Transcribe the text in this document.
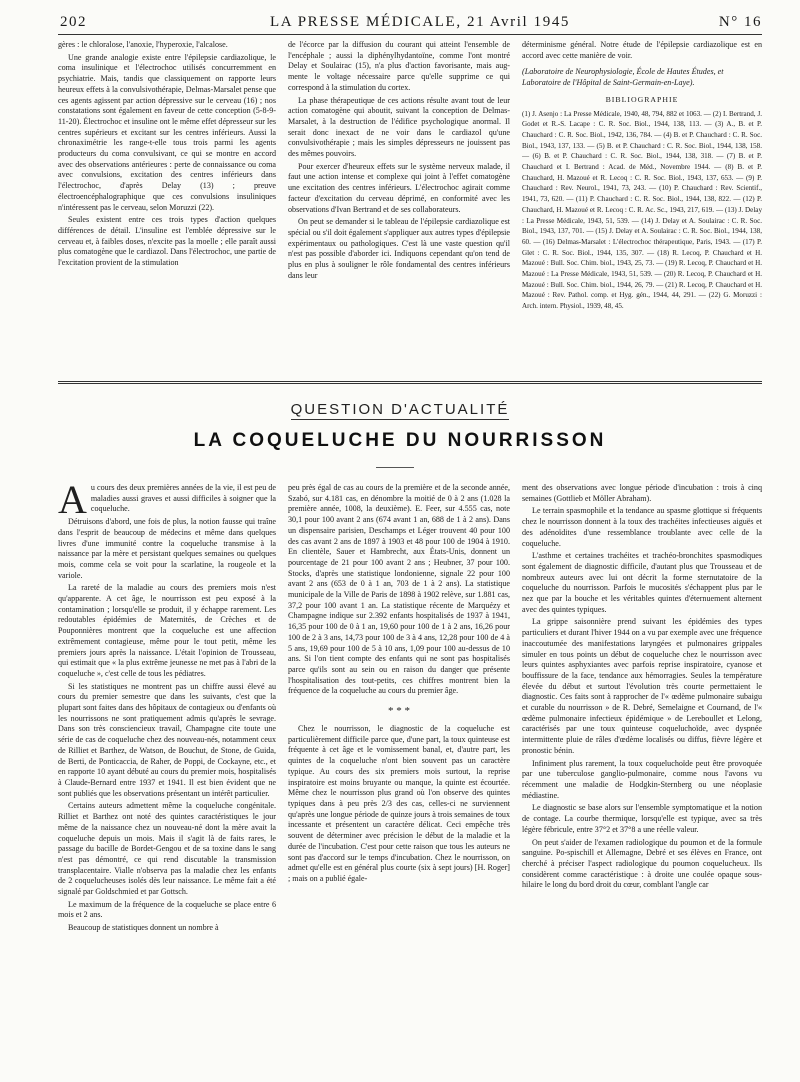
202	LA PRESSE MÉDICALE, 21 Avril 1945	N° 16

gères : le chloralose, l'anoxie, l'hyperoxie, l'alcalose.

Une grande analogie existe entre l'épilepsie cardiazolique, le coma insulinique et l'électrochoc utilisés concurremment en psychiatrie. Mais, tandis que classiquement on rapporte leurs heureux effets à la convulsivothérapie, Delmas-Marsalet pense que ces agents agissent par action dépressive sur le cerveau (16) ; nos constatations sont également en faveur de cette conception (5-8-9-11-20). Électrochoc et insuline ont le même effet dépresseur sur les centres supérieurs et excitant sur les centres inférieurs. Aussi la chronaximétrie les range-t-elle tous trois parmi les agents producteurs du coma convulsivant, ce qui se montre en accord avec des observations antérieures : perte de connaissance ou coma avec convulsions, excitation des centres inférieurs dans l'électrochoc, d'après Delay (13) ; preuve électroencéphalographique que ces convulsions insuliniques n'intéressent pas le cerveau, selon Moruzzi (22).

Seules existent entre ces trois types d'action quelques différences de détail. L'insuline est l'emblée dépressive sur le cerveau et, à faibles doses, n'excite pas la moelle ; elle paraît aussi plus comatogène que le cardiazol. Dans l'électrochoc, une partie de l'excitation provient de la stimulation

de l'écorce par la diffusion du courant qui atteint l'ensemble de l'encéphale ; aussi la diphénylhydantoïne, comme l'ont montré Delay et Soulairac (15), n'a plus d'action favorisante, mais augmente le voltage nécessaire parce qu'elle supprime ce qui correspond à la stimulation du cortex.

La phase thérapeutique de ces actions résulte avant tout de leur action comatogène qui aboutit, suivant la conception de Delmas-Marsalet, à la destruction de l'édifice psychologique anormal. Il serait donc inexact de ne voir dans le cardiazol qu'une convulsivothérapie ; mais les simples dépresseurs ne jouissent pas des mêmes pouvoirs.

Pour exercer d'heureux effets sur le système nerveux malade, il faut une action intense et complexe qui joint à l'effet comatogène une excitation des centres inférieurs. L'électrochoc agirait comme facteur d'excitation du cerveau déprimé, en conformité avec les observations d'Ivan Bertrand et de ses collaborateurs.

On peut se demander si le tableau de l'épilepsie cardiazolique est spécial ou s'il doit également s'appliquer aux autres types d'épilepsie expérimentaux ou pathologiques. C'est là une vaste question qu'il n'est pas possible d'aborder ici. Indiquons cependant qu'on tend de plus en plus à souligner le rôle fondamental des centres inférieurs dans leur

déterminisme général. Notre étude de l'épilepsie cardiazolique est en accord avec cette manière de voir.

(Laboratoire de Neurophysiologie, École de Hautes Études, et Laboratoire de l'Hôpital de Saint-Germain-en-Laye).

BIBLIOGRAPHIE
(1) J. Asenjo : La Presse Médicale, 1940, 48, 794, 882 et 1063. — (2) I. Bertrand, J. Godet et R.-S. Lacape : C. R. Soc. Biol., 1944, 138, 113. — (3) A., B. et P. Chauchard : C. R. Soc. Biol., 1942, 136, 784. — (4) B. et P. Chauchard : C. R. Soc. Biol., 1943, 137, 133. — (5) B. et P. Chauchard : C. R. Soc. Biol., 1944, 138, 158. — (6) B. et P. Chauchard : C. R. Soc. Biol., 1944, 138, 318. — (7) B. et P. Chauchard et I. Bertrand : Acad. de Méd., Novembre 1944. — (8) B. et P. Chauchard, H. Mazoué et R. Lecoq : C. R. Soc. Biol., 1943, 137, 653. — (9) P. Chauchard : Rev. Neurol., 1941, 73, 243. — (10) P. Chauchard : Rev. Scientif., 1941, 73, 620. — (11) P. Chauchard : C. R. Soc. Biol., 1944, 138, 822. — (12) P. Chauchard, H. Mazoué et R. Lecoq : C. R. Ac. Sc., 1943, 217, 619. — (13) J. Delay : La Presse Médicale, 1943, 51, 539. — (14) J. Delay et A. Soulairac : C. R. Soc. Biol., 1943, 137, 701. — (15) J. Delay et A. Soulairac : C. R. Soc. Biol., 1944, 138, 60. — (16) Delmas-Marsalet : L'électrochoc thérapeutique, Paris, 1943. — (17) P. Glet : C. R. Soc. Biol., 1944, 135, 307. — (18) R. Lecoq, P. Chauchard et H. Mazoué : Bull. Soc. Chim. biol., 1943, 25, 73. — (19) R. Lecoq, P. Chauchard et H. Mazoué : La Presse Médicale, 1943, 51, 539. — (20) R. Lecoq, P. Chauchard et H. Mazoué : Bull. Soc. Chim. biol., 1944, 26, 79. — (21) R. Lecoq, P. Chauchard et H. Mazoué : Rev. Pathol. comp. et Hyg. gén., 1944, 44, 291. — (22) G. Moruzzi : Arch. intern. Physiol., 1939, 48, 45.
QUESTION D'ACTUALITÉ
LA COQUELUCHE DU NOURRISSON

Au cours des deux premières années de la vie, il est peu de maladies aussi graves et aussi difficiles à soigner que la coqueluche.

Détruisons d'abord, une fois de plus, la notion fausse qui traîne dans l'esprit de beaucoup de médecins et même dans quelques livres d'une immunité contre la coqueluche transmise à la naissance par la mère et persistant quelques semaines ou quelques mois, comme cela se voit pour la scarlatine, la rougeole et la variole.

La rareté de la maladie au cours des premiers mois n'est qu'apparente. A cet âge, le nourrisson est peu exposé à la contamination ; lorsqu'elle se produit, il y échappe rarement. Les redoutables épidémies de Maternités, de Crèches et de Pouponnières montrent que la coqueluche est une affection extrêmement contagieuse, même pour le tout petit, même les premiers jours après la naissance. L'était l'opinion de Trousseau, qui estimait que « la plus extrême jeunesse ne met pas à l'abri de la coqueluche », c'est celle de tous les pédiatres.

Si les statistiques ne montrent pas un chiffre aussi élevé au cours du premier semestre que dans les suivants, c'est que la plupart sont faites dans des hôpitaux de contagieux ou d'enfants où les nourrissons ne sont pratiquement admis qu'après le sevrage. Dans son très consciencieux travail, Champagne cite toute une série de cas de coqueluche chez des nouveau-nés, notamment ceux de Rilliet et Barthez, de Watson, de Bouchut, de Stone, de Guida, de Berti, de Ponticaccia, de Raher, de Poppi, de Cockayne, etc., et en rapporte 10 ayant débuté au cours du premier mois, hospitalisés à Claude-Bernard entre 1937 et 1941. Il est bien évident que ne sont publiés que les observations présentant un intérêt particulier.

Certains auteurs admettent même la coqueluche congénitale. Rilliet et Barthez ont noté des quintes caractéristiques le jour même de la naissance chez un nouveau-né dont la mère avait la coqueluche depuis un mois. Mais il s'agit là de faits rares, le passage du bacille de Bordet-Gengou et de sa toxine dans le sang n'est pas démontré, ce qui rend discutable la transmission transplacentaire. Vialle n'observa pas la maladie chez les enfants de 2 coquelucheuses isolés dès leur naissance. Le même fait a été signalé par Goldschmied et par Gottsch.

Le maximum de la fréquence de la coqueluche se place entre 6 mois et 2 ans.

Beaucoup de statistiques donnent un nombre à

peu près égal de cas au cours de la première et de la seconde année, Szabó, sur 4.181 cas, en dénombre la moitié de 0 à 2 ans (1.028 la première année, 1008, la deuxième). E. Feer, sur 4.555 cas, note 30,1 pour 100 avant 2 ans (674 avant 1 an, 688 de 1 à 2 ans). Dans un dispensaire parisien, Deschamps et Léger trouvent 40 pour 100 des cas avant 2 ans de 1897 à 1903 et 48 pour 100 de 1904 à 1910. En clientèle, Sauer et Hambrecht, aux États-Unis, donnent un pourcentage de 21 pour 100 avant 2 ans ; Heubner, 37 pour 100. Stocks, d'après une statistique londonienne, signale 22 pour 100 avant 2 ans (653 de 0 à 1 an, 703 de 1 à 2 ans). La statistique municipale de la Ville de Paris de 1898 à 1902 relève, sur 1.881 cas, 37,2 pour 100 avant 1 an. La statistique récente de Marquézy et Champagne indique sur 2.392 enfants hospitalisés de 1937 à 1941, 16,35 pour 100 de 0 à 1 an, 19,60 pour 100 de 1 à 2 ans, 16,26 pour 100 de 2 à 3 ans, 14,73 pour 100 de 3 à 4 ans, 12,28 pour 100 de 4 à 5 ans, 19,69 pour 100 de 5 à 10 ans, 1,09 pour 100 au-dessus de 10 ans. Si l'on tient compte des enfants qui ne sont pas hospitalisés parce qu'ils sont au sein ou en raison du danger que présente l'hospitalisation des tout-petits, ces chiffres montrent bien la fréquence de la coqueluche au cours du premier âge.

* * *

Chez le nourrisson, le diagnostic de la coqueluche est particulièrement difficile parce que, d'une part, la toux quinteuse est fréquente à cet âge et le vomissement banal, et, d'autre part, les quintes de la coqueluche n'ont bien souvent pas un caractère typique. Au cours des six premiers mois surtout, la reprise inspiratoire est moins bruyante ou manque, la quinte est écourtée. Même chez le nourrisson plus grand où l'on observe des quintes typiques dans à peu près 2/3 des cas, celles-ci ne surviennent qu'après une longue période de quinze jours à trois semaines de toux incessante et présentent un caractère délicat. Ceci empêche très souvent de déterminer avec précision le début de la maladie et la durée de l'incubation. C'est pour cette raison que tous les auteurs ne sont pas d'accord sur le temps d'incubation. Chez le nourrisson, on admet qu'elle est en général plus courte (six à sept jours) [H. Roger] ; mais on a publié égale-

ment des observations avec longue période d'incubation : trois à cinq semaines (Gottlieb et Möller Abraham).

Le terrain spasmophile et la tendance au spasme glottique si fréquents chez le nourrisson donnent à la toux des trachéites infectieuses aiguës et des adénoïdites d'une ressemblance troublante avec celle de la coqueluche.

L'asthme et certaines trachéites et trachéo-bronchites spasmodiques sont également de diagnostic difficile, d'autant plus que Trousseau et de nombreux auteurs avec lui ont décrit la forme sternutatoire de la coqueluche du nourrisson. Parfois le mucosités s'échappent plus par le nez que par la bouche et les véritables quintes d'éternuement alternent avec des quintes typiques.

La grippe saisonnière prend suivant les épidémies des types particuliers et durant l'hiver 1944 on a vu par exemple avec une fréquence inaccoutumée des manifestations laryngées et pulmonaires grippales simuler en tous points un début de coqueluche chez le nourrisson avec leurs quintes asphyxiantes avec parfois reprise inspiratoire, cyanose et bouffissure de la face, tendance aux hémorragies. Seules la température élevée du début et surtout l'évolution très courte permettaient le diagnostic. Ces faits sont à rapprocher de l'« œdème pulmonaire subaigu et curable du nourrisson » de R. Debré, Semelaigne et Cournand, de l'« œdème pulmonaire infectieux épidémique » de Lereboullet et Lelong, caractérisés par une toux quinteuse coqueluchoïde, avec dyspnée intermittente pluie de râles d'œdème localisés ou diffus, fièvre légère et pronostic bénin.

Infiniment plus rarement, la toux coqueluchoïde peut être provoquée par une tuberculose ganglio-pulmonaire, comme nous l'avons vu récemment une maladie de Hodgkin-Sternberg ou une néoplasie médiastine.

Le diagnostic se base alors sur l'ensemble symptomatique et la notion de contage. La courbe thermique, lorsqu'elle est typique, avec sa très légère fébricule, entre 37°2 et 37°8 a une réelle valeur.

On peut s'aider de l'examen radiologique du poumon et de la formule sanguine. Po-spischill et Allemagne, Debré et ses élèves en France, ont cherché à préciser l'aspect radiologique du poumon coquelucheux. Ils considèrent comme caractéristique : à droite une coulée opaque sous-hilaire le long du bord droit du cœur, comblant l'angle car
